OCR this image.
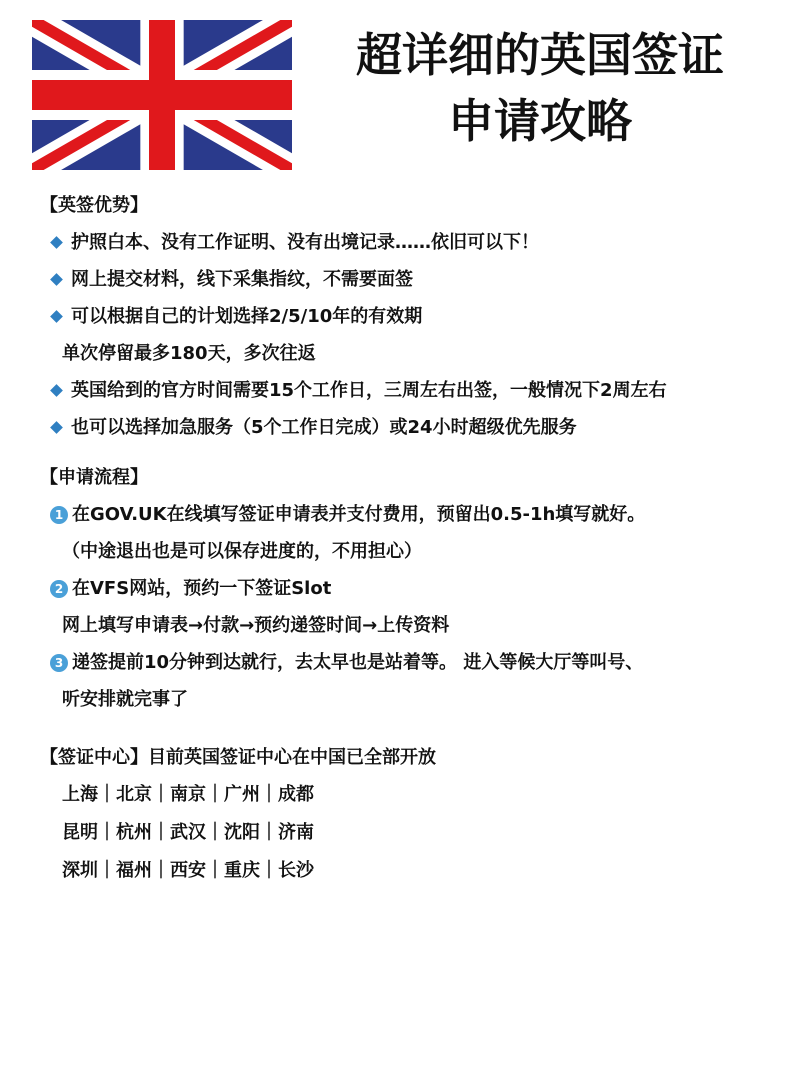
超详细的英国签证
申请攻略
【英签优势】
护照白本、没有工作证明、没有出境记录……依旧可以下！
网上提交材料，线下采集指纹，不需要面签
可以根据自己的计划选择2/5/10年的有效期
单次停留最多180天，多次往返
英国给到的官方时间需要15个工作日，三周左右出签，一般情况下2周左右
也可以选择加急服务（5个工作日完成）或24小时超级优先服务
【申请流程】
1 在GOV.UK在线填写签证申请表并支付费用，预留出0.5-1h填写就好。
（中途退出也是可以保存进度的，不用担心）
2 在VFS网站，预约一下签证Slot
网上填写申请表→付款→预约递签时间→上传资料
3 递签提前10分钟到达就行，去太早也是站着等。 进入等候大厅等叫号、
听安排就完事了
【签证中心】目前英国签证中心在中国已全部开放
上海｜北京｜南京｜广州｜成都
昆明｜杭州｜武汉｜沈阳｜济南
深圳｜福州｜西安｜重庆｜长沙
